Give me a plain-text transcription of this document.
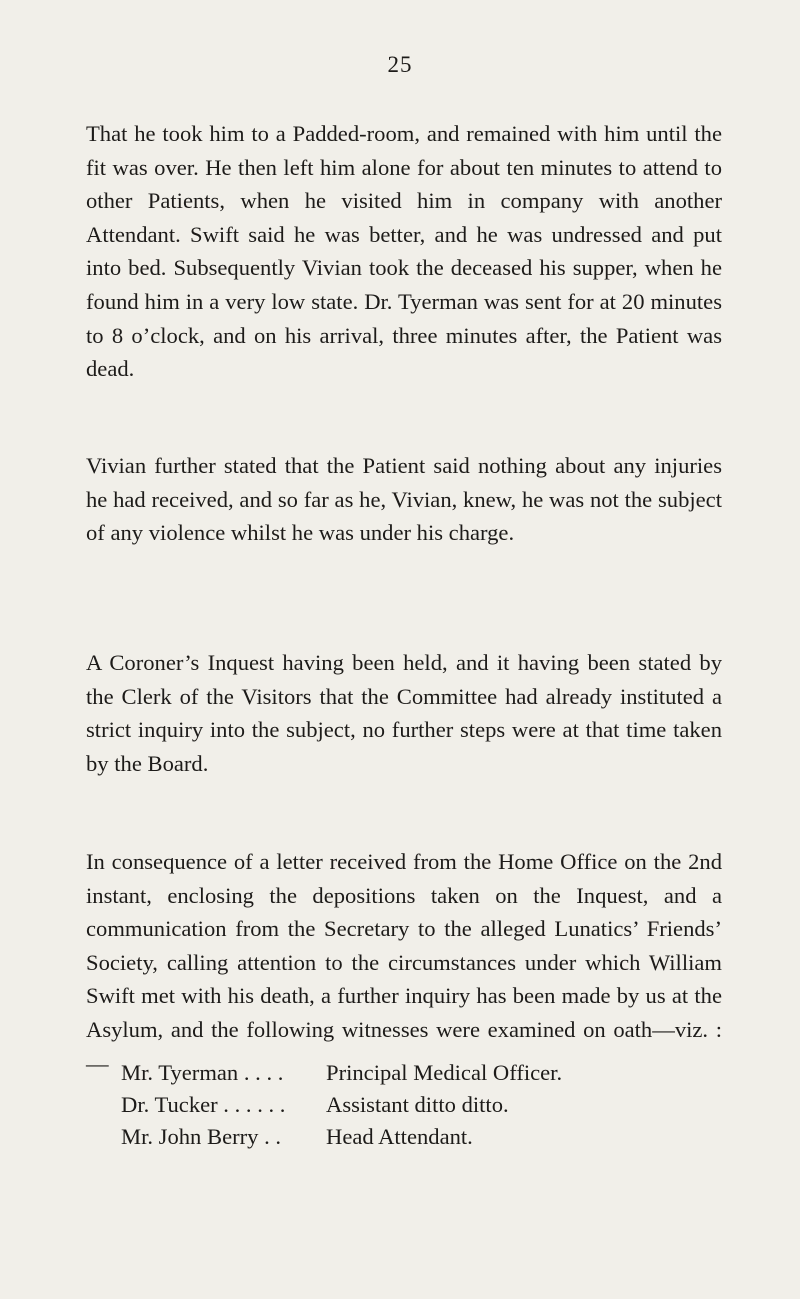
25

That he took him to a Padded-room, and remained with him until the fit was over. He then left him alone for about ten minutes to attend to other Patients, when he visited him in company with another Attendant. Swift said he was better, and he was undressed and put into bed. Subsequently Vivian took the deceased his supper, when he found him in a very low state. Dr. Tyerman was sent for at 20 minutes to 8 o’clock, and on his arrival, three minutes after, the Patient was dead.

Vivian further stated that the Patient said nothing about any injuries he had received, and so far as he, Vivian, knew, he was not the subject of any violence whilst he was under his charge.

A Coroner’s Inquest having been held, and it having been stated by the Clerk of the Visitors that the Committee had already instituted a strict inquiry into the subject, no further steps were at that time taken by the Board.

In consequence of a letter received from the Home Office on the 2nd instant, enclosing the depositions taken on the Inquest, and a communication from the Secretary to the alleged Lunatics’ Friends’ Society, calling attention to the circumstances under which William Swift met with his death, a further inquiry has been made by us at the Asylum, and the following witnesses were examined on oath—viz. :— Mr. Tyerman . . . .	Principal Medical Officer.
Dr. Tucker . . . . . .	Assistant ditto ditto.
Mr. John Berry . .	Head Attendant.
